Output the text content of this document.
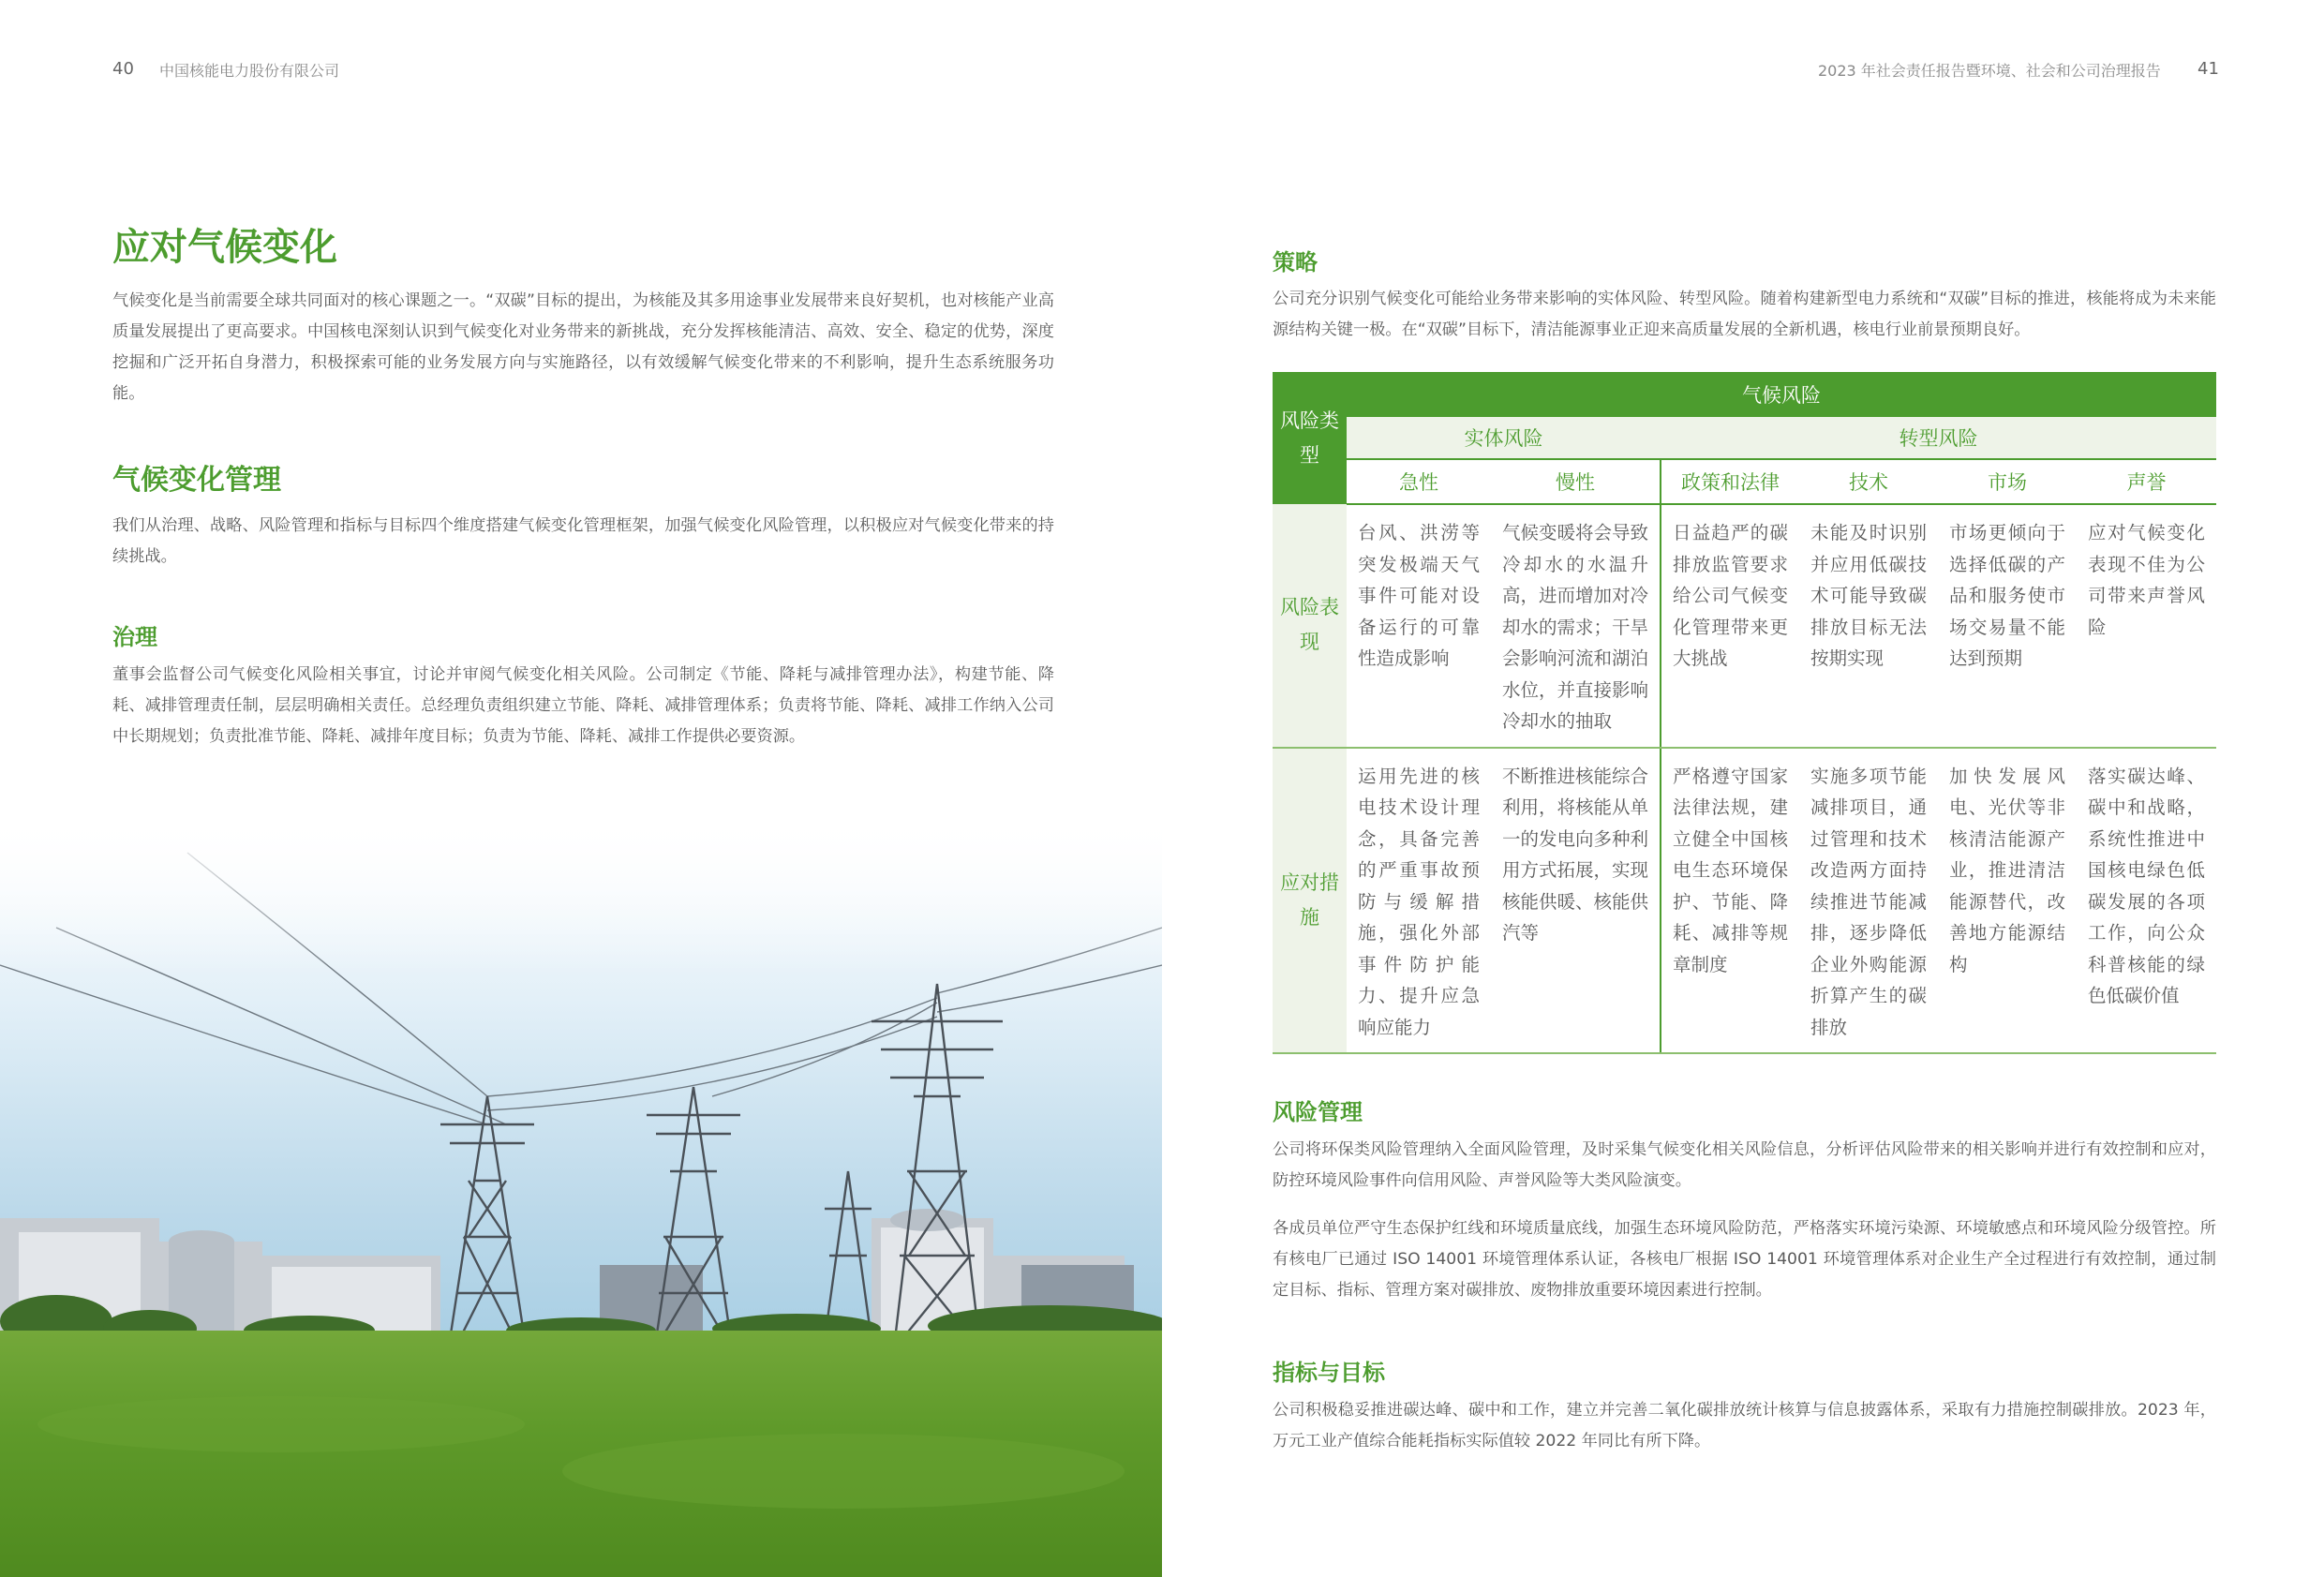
40 中国核能电力股份有限公司	2023 年社会责任报告暨环境、社会和公司治理报告 41
应对气候变化

气候变化是当前需要全球共同面对的核心课题之一。“双碳”目标的提出，为核能及其多用途事业发展带来良好契机，也对核能产业高质量发展提出了更高要求。中国核电深刻认识到气候变化对业务带来的新挑战，充分发挥核能清洁、高效、安全、稳定的优势，深度挖掘和广泛开拓自身潜力，积极探索可能的业务发展方向与实施路径，以有效缓解气候变化带来的不利影响，提升生态系统服务功能。

气候变化管理

我们从治理、战略、风险管理和指标与目标四个维度搭建气候变化管理框架，加强气候变化风险管理，以积极应对气候变化带来的持续挑战。

治理

董事会监督公司气候变化风险相关事宜，讨论并审阅气候变化相关风险。公司制定《节能、降耗与减排管理办法》，构建节能、降耗、减排管理责任制，层层明确相关责任。总经理负责组织建立节能、降耗、减排管理体系；负责将节能、降耗、减排工作纳入公司中长期规划；负责批准节能、降耗、减排年度目标；负责为节能、降耗、减排工作提供必要资源。

策略

公司充分识别气候变化可能给业务带来影响的实体风险、转型风险。随着构建新型电力系统和“双碳”目标的推进，核能将成为未来能源结构关键一极。在“双碳”目标下，清洁能源事业正迎来高质量发展的全新机遇，核电行业前景预期良好。

风险类型	气候风险					
	实体风险		转型风险			
	急性	慢性	政策和法律	技术	市场	声誉
风险表现	台风、洪涝等突发极端天气事件可能对设备运行的可靠性造成影响	气候变暖将会导致冷却水的水温升高，进而增加对冷却水的需求；干旱会影响河流和湖泊水位，并直接影响冷却水的抽取	日益趋严的碳排放监管要求给公司气候变化管理带来更大挑战	未能及时识别并应用低碳技术可能导致碳排放目标无法按期实现	市场更倾向于选择低碳的产品和服务使市场交易量不能达到预期	应对气候变化表现不佳为公司带来声誉风险
应对措施	运用先进的核电技术设计理念，具备完善的严重事故预防与缓解措施，强化外部事件防护能力、提升应急响应能力	不断推进核能综合利用，将核能从单一的发电向多种利用方式拓展，实现核能供暖、核能供汽等	严格遵守国家法律法规，建立健全中国核电生态环境保护、节能、降耗、减排等规章制度	实施多项节能减排项目，通过管理和技术改造两方面持续推进节能减排，逐步降低企业外购能源折算产生的碳排放	加快发展风电、光伏等非核清洁能源产业，推进清洁能源替代，改善地方能源结构	落实碳达峰、碳中和战略，系统性推进中国核电绿色低碳发展的各项工作，向公众科普核能的绿色低碳价值
风险管理

公司将环保类风险管理纳入全面风险管理，及时采集气候变化相关风险信息，分析评估风险带来的相关影响并进行有效控制和应对，防控环境风险事件向信用风险、声誉风险等大类风险演变。

各成员单位严守生态保护红线和环境质量底线，加强生态环境风险防范，严格落实环境污染源、环境敏感点和环境风险分级管控。所有核电厂已通过 ISO 14001 环境管理体系认证，各核电厂根据 ISO 14001 环境管理体系对企业生产全过程进行有效控制，通过制定目标、指标、管理方案对碳排放、废物排放重要环境因素进行控制。

指标与目标

公司积极稳妥推进碳达峰、碳中和工作，建立并完善二氧化碳排放统计核算与信息披露体系，采取有力措施控制碳排放。2023 年，万元工业产值综合能耗指标实际值较 2022 年同比有所下降。
